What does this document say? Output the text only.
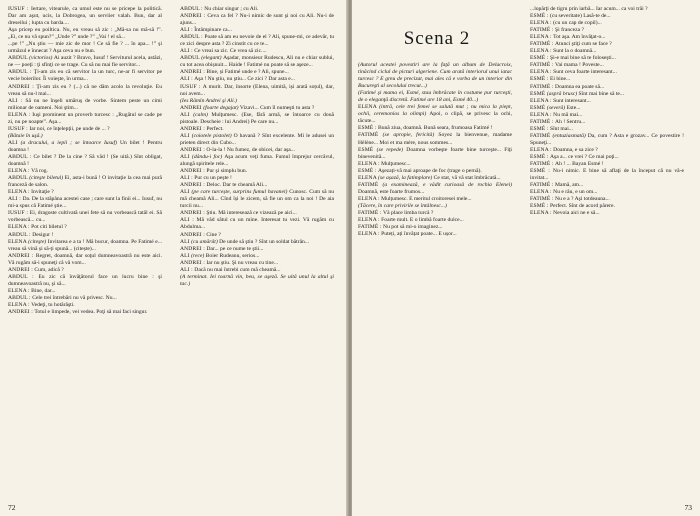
IUSUF : Iertare, vitearule, ca umul este nu se pricepe la politică. Dar am aşut, ucis, la Dobrogea, un serviier valah. Bun, dar al dreseilui ; lupta cu barda....

Aşa pricep eu poiltica. Nu, eu vreau să zic : „Mă-sa nu mă-să !”. „Ei, ce nu vă spun?” „Unde ?” unde ?” „Vai ! el să...

...pe !” „Nu ştiu — mie zic de mor ! Ce să fie ? ... în apa... !” şi urmăzul e înnecat ? Aşa ceva nu e bun.

ABDUL (victorios) Ai auzit ? Bravo, Iusuf ! Serviturul acela, astăzi, ne — poeţi : ţi sfinţi ce se trage. Cu să nu mai fie servitor...

ABDUL : Ţi-am zis eu că servitor la un turc, ne-ar fi servitor pe vecie boierilor. Îi voieşte, în urma...

ANDREI : Ţi-am zis eu ? (...) că ne dăm acolo la revoluţie. Eu vreau să nu-l mai...

ALI : Să nu ne înşeli umăruş de vorbe. Sintem peste un cimi milionar de oameni. Noi ştim...

ELENA : Iuşi prominent un proverb turcesc : „Rugătul se cade pe zi, nu pe noapte”. Aşa...

IUSUF : Iar noi, ce înţelepţii, pe unde de ... ?

(Bătaie în uşă.)

ALI (a dracului, a iepii ; se întoarce Iusuf) Un bilet ! Pentru doamna !

ABDUL : Ce bilet ? De la cine ? Să văd ! (Se uită.) Sînt obligat, doamnă !

ELENA : Vă rog.

ABDUL (citeşte biletul) Ei, asta-i bună ! O invitaţie la cea mai pură franceză de salon.

ELENA : Invitaţie ?

ALI : Da. De la stăpâna acestei case ; care sunt la finii ei... Iusuf, nu mi-a spus că Fatimé ştie...

IUSUF : Ei, dragoste cultivată unei fete să nu vorbească tatăl ei. Să vorbească... cu...

ELENA : Pot citi biletul ?

ABDUL : Desigur !

ELENA (citeşte) Invitarea e a ta ! Mă bucur, doamna. Pe Fatimé e... vreau să vină și să-ți spună... (citește)...

ANDREI : Regret, doamnă, dar soţul dumneavoastră nu este aici. Vă rugăm să-i spuneţi că vă vom...

ANDREI : Cum, adică ?

ABDUL : Eu zic că învăţătorul face un lucru bine : şi dumneavoastră nu, şi să...

ELENA : Bine, dar...

ABDUL : Cele trei întrebări nu vă privesc. Nu...

ELENA : Vedeţi, tu hotărăşti.

ANDREI : Totul e limpede, vei vedea. Poţi să mai faci singur.

ABDUL : Nu chiar singur ; cu Ali.

ANDREI : Ceva ca fel ? Nu-i nimic de sunt şi noi cu Ali. Nu-i de ajuns...

ALI : Întâmpinare ca...

ABDUL : Poate să am eu nevoie de el ? Ali, spune-mi, ce adevăr, tu ce zici despre asta ? Zi cinstit cu ce te...

ALI : Ce vreai sa zic. Ce vrea să zic....

ABDUL (elegant) Aşadar, monsieur Rudescu, Ali nu e chiar sublui, cu tot acea obișnuit... Haide ! Fatimé nu poate să se aşeze...

ANDREI : Bine, și Fatimé unde e ? Ali, spune...

ALI : Aşa ! Nu ştiu, nu ştiu... Ce zici ? Dar asta e...

IUSUF : A murit. Dar, însorte (Elena, uimită, iși arată soțul), dar, noi avem...

(Ies Rămîn Andrei şi Ali.)

ANDREI (foarte degajat) Vizavi... Cum îl numeşti tu asta ?

ALI (calm) Mulţumesc. (Ese, fără armă, se întoarce cu două pistoale. Descheie : lui Andrei) Pe care nu...

ANDREI : Perfect.

ALI (coiotele pistolet) O havană ? Sînt excelente. Mi le adusei un prieten direct din Cubo...

ANDREI : O-la-la ! Nu fumez, de obicei, dar aşa...

ALI (dându-i foc) Aşa acum veţi fuma. Fumul împrejur cercăvul, alungă spiritele rele...

ANDREI : Pur şi simplu bun.

ALI : Pur cu un peşte !

ANDREI : Deloc. Dar te cheamă Ali...

ALI (pe care turcește, surprins fumul havanei) Cunosc. Cum să nu mă cheamă Ali... Cînd își le zicem, să fie un om ca la noi ! De aia turcii nu...

ANDREI : Ştiu. Mă interesează ce vizează pe aici...

ALI : Mă văd sătul cu un mine. Interesat tu vezi. Vă rugăm cu Abdulma...

ANDREI : Cine ?

ALI (cu amărât) De unde să ştiu ? Sînt un soldat bătrân...

ANDREI : Dar... pe ce nume te ştii...

ALI (rece) Boier Rudeanu, serios...

ANDREI : Iar nu ştiu. Şi nu vreau cu tine...

ALI : Dacă nu mai întrebi cum mă cheamă...

(A terminat. Iei toarnă vin, beu, se aşeză. Se uită unul la altul şi tac.)

72
Scena 2

(Autorul acestei povestiri are la faţă un album de Delacroix, tinăcind ciclul de picturi algeriene. Cum arată interiorul unui iatac turcesc ? E greu de precizat, mai ales că e vorba de un interior din Bucureşti al secolului trecut...)

(Fatimé şi mama ei, Esmé, stau îmbrăcate în costume pur turceşti, de o eleganţă discretă. Fatimé are 18 ani, Esmé 40...)

ELENA (intră, cele trei femei se salută mut ; nu mica la piept, ochii, ceremonios la olimpi) Apoi, o clipă, se privesc la ochi, tăcute...

ESMÉ : Bună ziua, doamnă. Bună seara, frumoasa Fatimé !

FATIMÉ (se apropie, fericită) Soyez la bienvenue, madame Hélène... Moi et ma mère, nous sommes...

ESMÉ (se repede) Doamna vorbeşte foarte bine turceşte... Fiţi binevenită...

ELENA : Mulţumesc...

ESMÉ : Aşezați-vă mai aproape de foc (trage o pernă).

ELENA (se așază, la fatimplare) Ce stat, vă vă stat îmbrăcată...

FATIMÉ (a examinează, e vădit curioasă de rochia Elenei) Doamnă, este foarte frumos...

ELENA : Mulțumesc. E meritul croitoresei mele...

(Tăcere, în care privirile se întâlnesc...)

FATIMÉ : Vă place limba turcă ?

ELENA : Foarte mult. E o limbă foarte dulce...

FATIMÉ : Nu pot să mi-o imaginez...

ELENA : Puteți, ați învățat poate... E ușor...

...lopărţi de tigru prin iarbă... Iar acum... ca voi trăi ?

ESMÉ : (cu severitate) Lasă-te de...

ELENA : (cu un cap de copil)...

FATIMÉ : Şi franceza ?

ELENA : Tot aşa. Am învăţat-o...

FATIMÉ : Atunci ştiţi cum se face ?

ELENA : Sunt la o doamnă...

ESMÉ : Şi-e mai bine să te foloseşti...

FATIMÉ : Vai mama ! Poveste...

ELENA : Sunt ceva foarte interesant...

ESMÉ : Ei bine...

FATIMÉ : Doamna ea poate să...

ESMÉ (aspră brusc) Sînt mai bine să te...

ELENA : Sunt interesant...

ESMÉ (severă) Este...

ELENA : Nu mă mai...

FATIMÉ : Ah ! Sentru...

ESMÉ : Sînt mai...

FATIMÉ (entuziasmată) Da, cum ? Asta e grozav... Ce povestire ! Spuneţi...

ELENA : Doamna, e sa zice ?

ESMÉ : Aşa a... ce vrei ? Ce mai poţi...

FATIMÉ : Ah ! ... Bayan Esmé !

ESMÉ : Nu-i nimic. E bine să aflaţi de la început că nu vă-e invitat...

FATIMÉ : Mamă, am...

ELENA : Nu e rău, e un om...

FATIMÉ : Nu e a ? Aşi totdeauna...

ESMÉ : Perfect. Sînt de acord părere.

ELENA : Nevoia aici ne e să...

73
